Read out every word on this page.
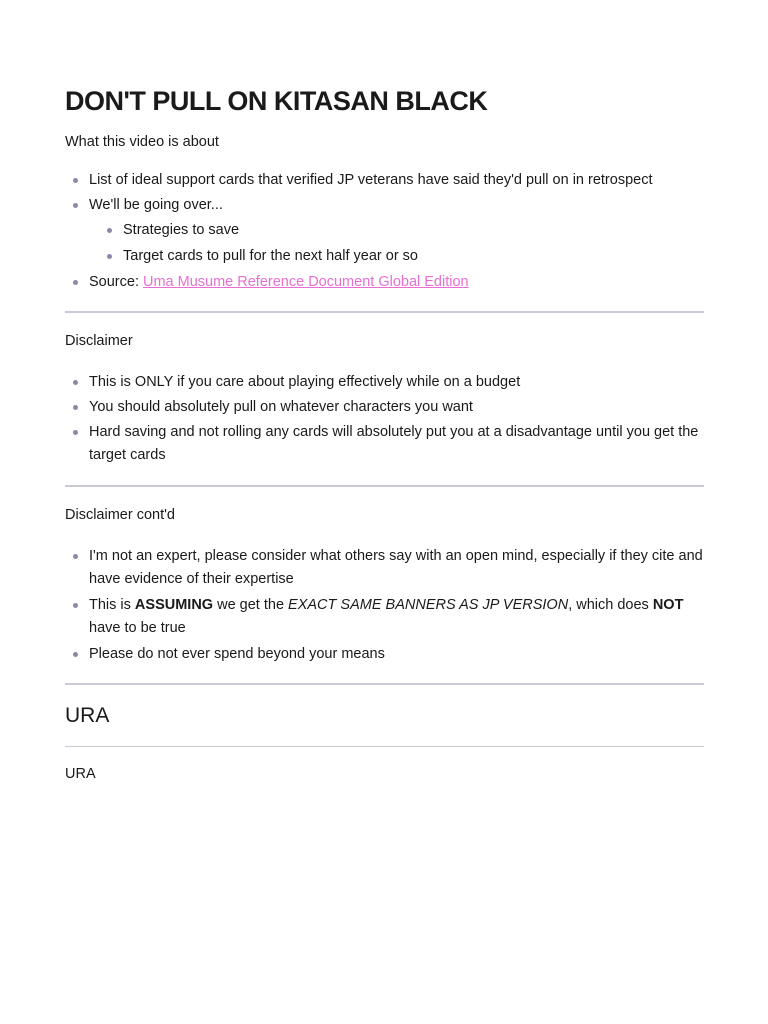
DON'T PULL ON KITASAN BLACK

What this video is about

List of ideal support cards that verified JP veterans have said they'd pull on in retrospect
We'll be going over...
Strategies to save
Target cards to pull for the next half year or so
Source: Uma Musume Reference Document Global Edition

Disclaimer

This is ONLY if you care about playing effectively while on a budget
You should absolutely pull on whatever characters you want
Hard saving and not rolling any cards will absolutely put you at a disadvantage until you get the target cards

Disclaimer cont'd

I'm not an expert, please consider what others say with an open mind, especially if they cite and have evidence of their expertise
This is ASSUMING we get the EXACT SAME BANNERS AS JP VERSION, which does NOT have to be true
Please do not ever spend beyond your means
URA

URA
